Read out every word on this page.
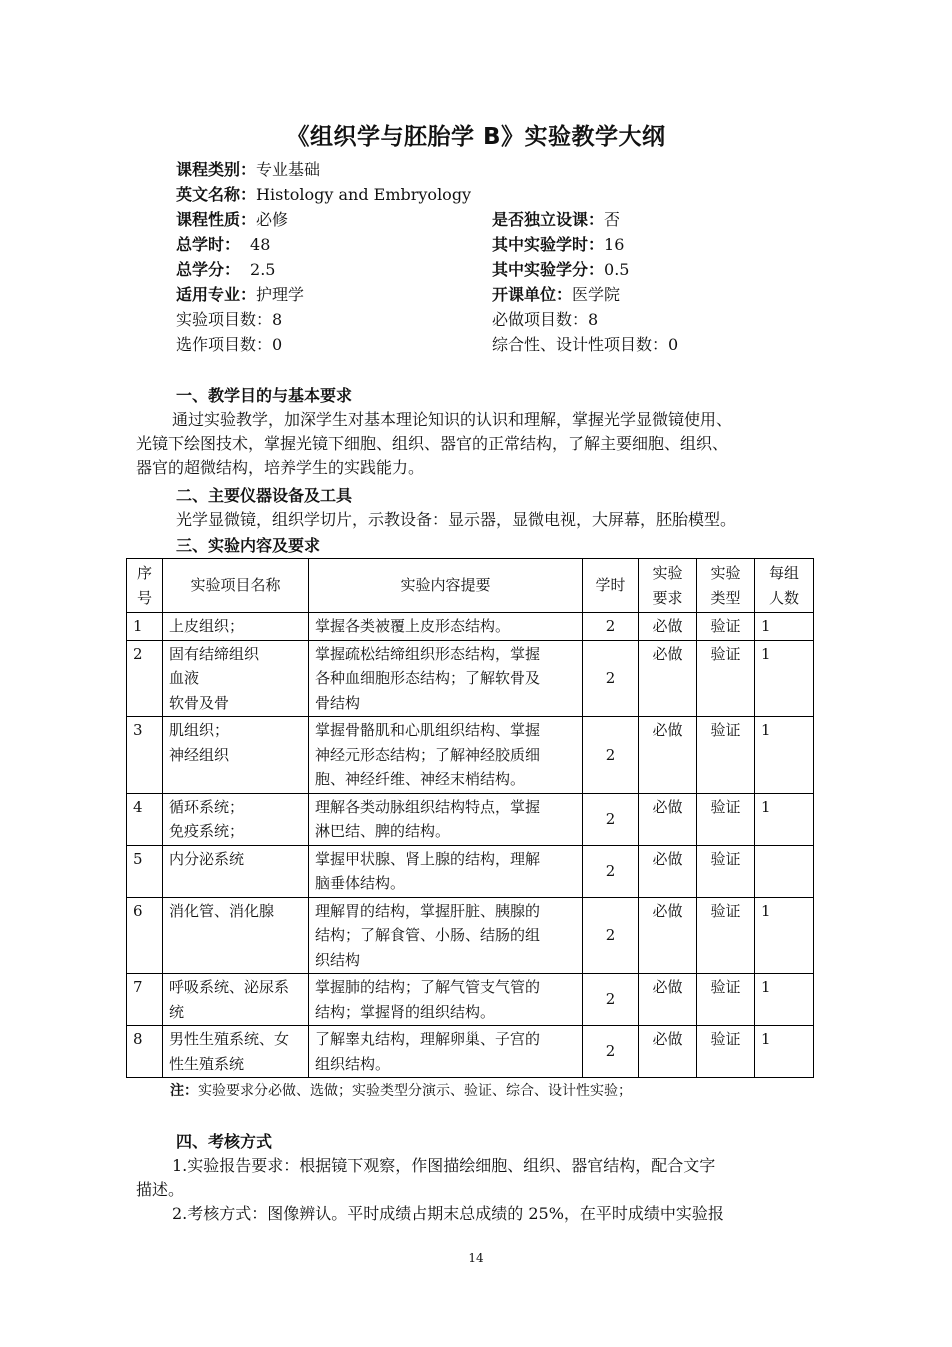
《组织学与胚胎学 B》实验教学大纲
课程类别：专业基础
英文名称：Histology and Embryology
课程性质：必修	是否独立设课：否
总学时： 48	其中实验学时：16
总学分： 2.5	其中实验学分：0.5
适用专业：护理学	开课单位：医学院
实验项目数：8	必做项目数：8
选作项目数：0	综合性、设计性项目数：0
一、教学目的与基本要求

通过实验教学，加深学生对基本理论知识的认识和理解，掌握光学显微镜使用、

光镜下绘图技术，掌握光镜下细胞、组织、器官的正常结构，了解主要细胞、组织、

器官的超微结构，培养学生的实践能力。

二、主要仪器设备及工具
光学显微镜，组织学切片，示教设备：显示器，显微电视，大屏幕，胚胎模型。
三、实验内容及要求
序
号	实验项目名称	实验内容提要	学时	实验
要求	实验
类型	每组
人数
1	上皮组织；	掌握各类被覆上皮形态结构。	2	必做	验证	1
2	固有结缔组织
血液
软骨及骨	掌握疏松结缔组织形态结构，掌握
各种血细胞形态结构；了解软骨及
骨结构	2	必做	验证	1
3	肌组织；
神经组织	掌握骨骼肌和心肌组织结构、掌握
神经元形态结构；了解神经胶质细
胞、神经纤维、神经末梢结构。	2	必做	验证	1
4	循环系统；
免疫系统；	理解各类动脉组织结构特点，掌握
淋巴结、脾的结构。	2	必做	验证	1
5	内分泌系统	掌握甲状腺、肾上腺的结构，理解
脑垂体结构。	2	必做	验证	
6	消化管、消化腺	理解胃的结构，掌握肝脏、胰腺的
结构；了解食管、小肠、结肠的组
织结构	2	必做	验证	1
7	呼吸系统、泌尿系
统	掌握肺的结构；了解气管支气管的
结构；掌握肾的组织结构。	2	必做	验证	1
8	男性生殖系统、女
性生殖系统	了解睾丸结构，理解卵巢、子宫的
组织结构。	2	必做	验证	1
注：实验要求分必做、选做；实验类型分演示、验证、综合、设计性实验；
四、考核方式

1.实验报告要求：根据镜下观察，作图描绘细胞、组织、器官结构，配合文字

描述。

2.考核方式：图像辨认。平时成绩占期末总成绩的 25%，在平时成绩中实验报

14
